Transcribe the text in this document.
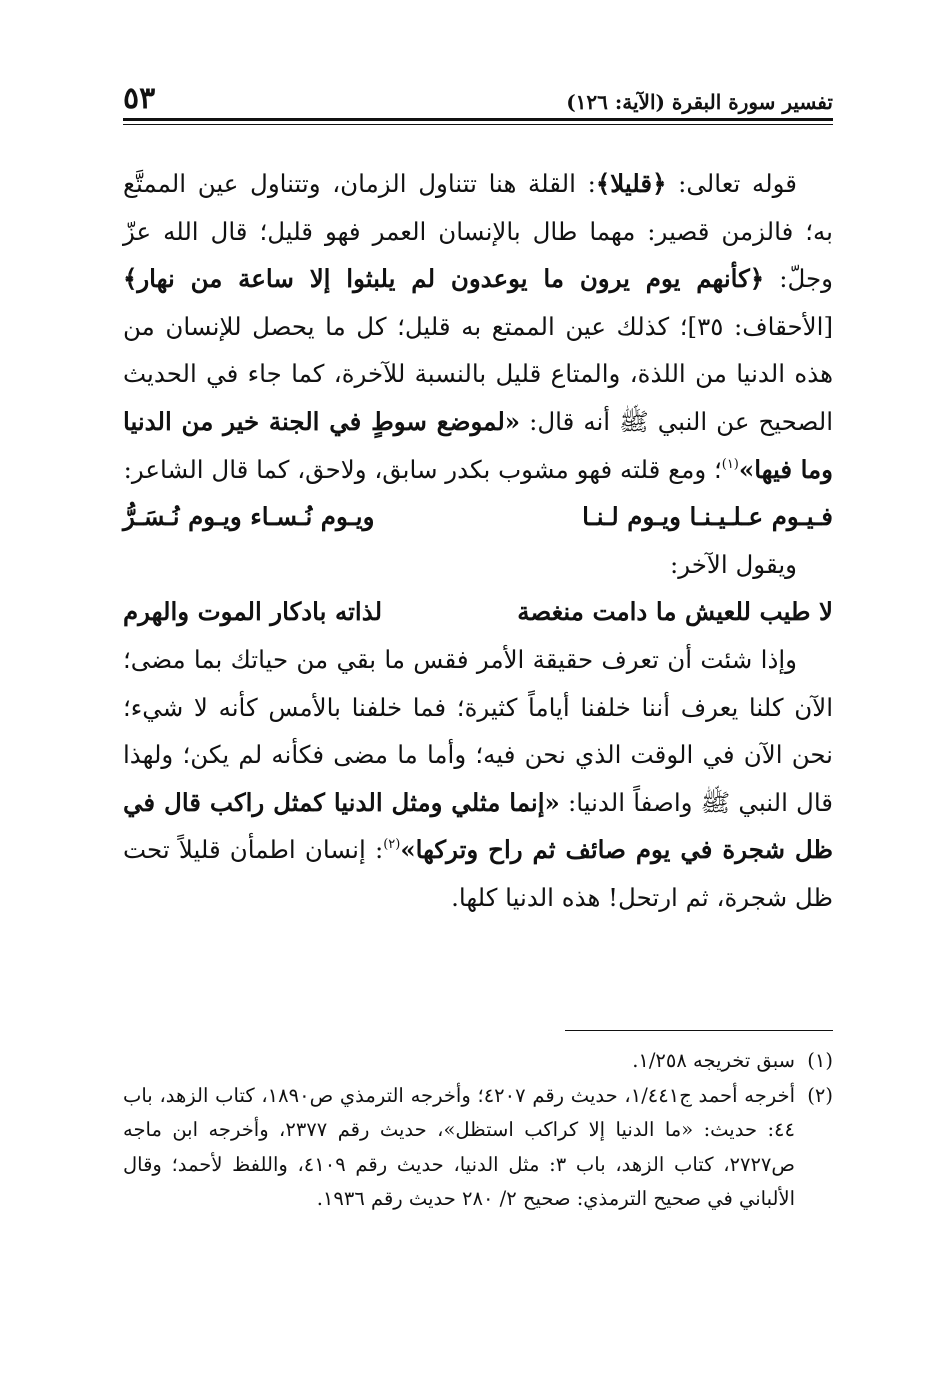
تفسير سورة البقرة (الآية: ١٢٦)
٥٣

قوله تعالى: ﴿قليلا﴾: القلة هنا تتناول الزمان، وتتناول عين الممتَّع به؛ فالزمن قصير: مهما طال بالإنسان العمر فهو قليل؛ قال الله عزّ وجلّ: ﴿كأنهم يوم يرون ما يوعدون لم يلبثوا إلا ساعة من نهار﴾ [الأحقاف: ٣٥]؛ كذلك عين الممتع به قليل؛ كل ما يحصل للإنسان من هذه الدنيا من اللذة، والمتاع قليل بالنسبة للآخرة، كما جاء في الحديث الصحيح عن النبي ﷺ أنه قال: «لموضع سوطٍ في الجنة خير من الدنيا وما فيها»$^{(١)}$؛ ومع قلته فهو مشوب بكدر سابق، ولاحق، كما قال الشاعر:

فـيـوم عـلـيـنـا ويـوم لـنـا
ويـوم نُـسـاء ويـوم نُـسَـرُّ

ويقول الآخر:

لا طيب للعيش ما دامت منغصة
لذاته بادكار الموت والهرم

وإذا شئت أن تعرف حقيقة الأمر فقس ما بقي من حياتك بما مضى؛ الآن كلنا يعرف أننا خلفنا أياماً كثيرة؛ فما خلفنا بالأمس كأنه لا شيء؛ نحن الآن في الوقت الذي نحن فيه؛ وأما ما مضى فكأنه لم يكن؛ ولهذا قال النبي ﷺ واصفاً الدنيا: «إنما مثلي ومثل الدنيا كمثل راكب قال في ظل شجرة في يوم صائف ثم راح وتركها»$^{(٢)}$: إنسان اطمأن قليلاً تحت ظل شجرة، ثم ارتحل! هذه الدنيا كلها.

(١)
سبق تخريجه ١/٢٥٨.
(٢)
أخرجه أحمد ج١/٤٤١، حديث رقم ٤٢٠٧؛ وأخرجه الترمذي ص١٨٩٠، كتاب الزهد، باب ٤٤: حديث: «ما الدنيا إلا كراكب استظل»، حديث رقم ٢٣٧٧، وأخرجه ابن ماجه ص٢٧٢٧، كتاب الزهد، باب ٣: مثل الدنيا، حديث رقم ٤١٠٩، واللفظ لأحمد؛ وقال الألباني في صحيح الترمذي: صحيح ٢/ ٢٨٠ حديث رقم ١٩٣٦.
